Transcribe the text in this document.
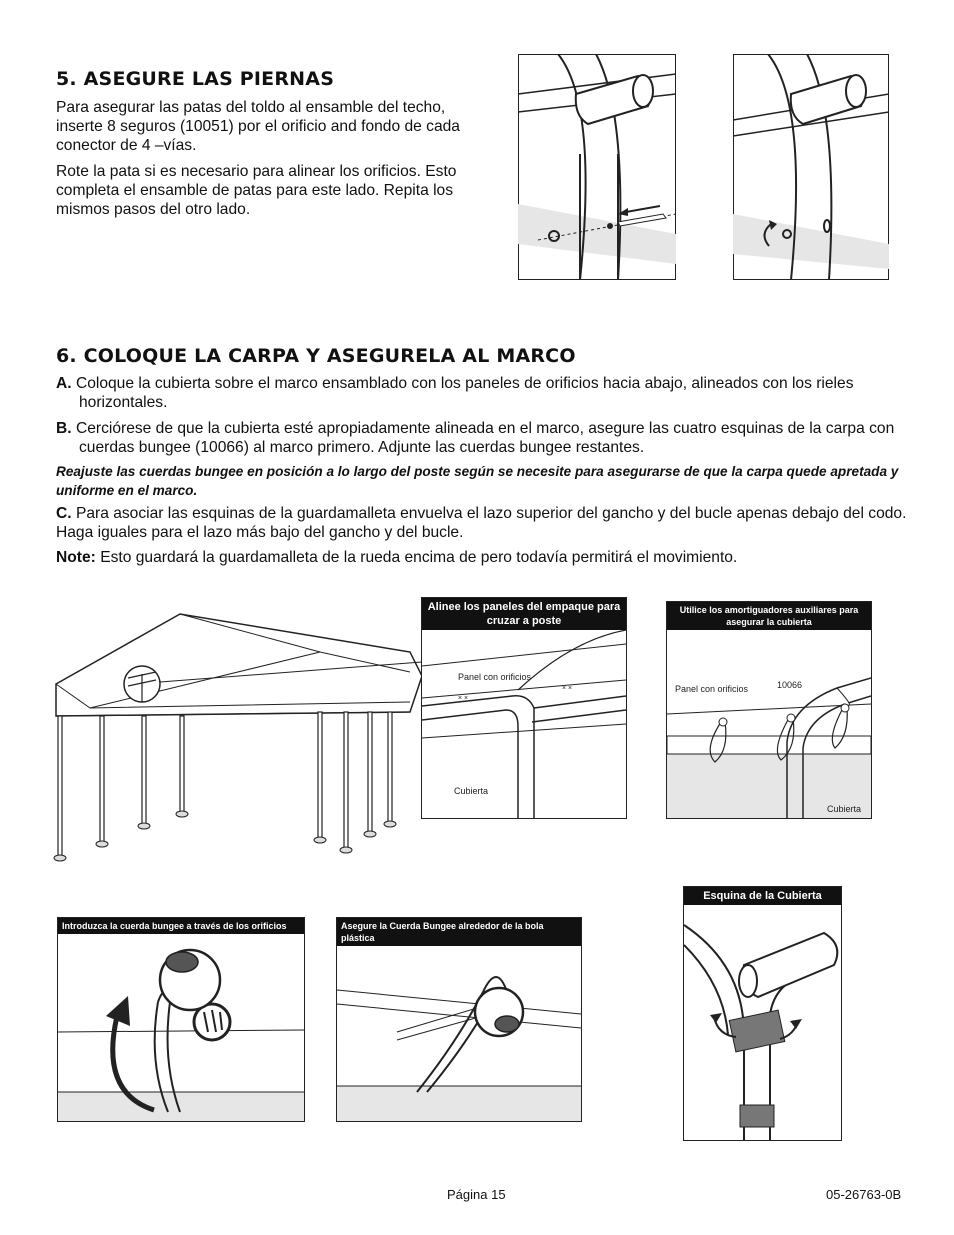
5. ASEGURE LAS PIERNAS

Para asegurar las patas del toldo al ensamble del techo, inserte 8 seguros (10051) por el orificio and fondo de cada conector de 4 –vías.

Rote la pata si es necesario para alinear los orificios. Esto completa el ensamble de patas para este lado. Repita los mismos pasos del otro lado.

6. COLOQUE LA CARPA Y ASEGURELA AL MARCO

A. Coloque la cubierta sobre el marco ensamblado con los paneles de orificios hacia abajo, alineados con los rieles horizontales.

B. Cerciórese de que la cubierta esté apropiadamente alineada en el marco, asegure las cuatro esquinas de la carpa con cuerdas bungee (10066) al marco primero. Adjunte las cuerdas bungee restantes.

Reajuste las cuerdas bungee en posición a lo largo del poste según se necesite para asegurarse de que la carpa quede apretada y uniforme en el marco.

C. Para asociar las esquinas de la guardamalleta envuelva el lazo superior del gancho y del bucle apenas debajo del codo. Haga iguales para el lazo más bajo del gancho y del bucle.

Note: Esto guardará la guardamalleta de la rueda encima de pero todavía permitirá el movimiento.

Alinee los paneles del empaque para cruzar a poste
× ×
× ×
Panel con orificios
Cubierta
Utilice los amortiguadores auxiliares para asegurar la cubierta
Panel con orificios	10066
Cubierta
Introduzca la cuerda bungee a través de los orificios	Asegure la Cuerda Bungee alrededor de la bola plástica
Esquina de la Cubierta
Página 15	05-26763-0B
